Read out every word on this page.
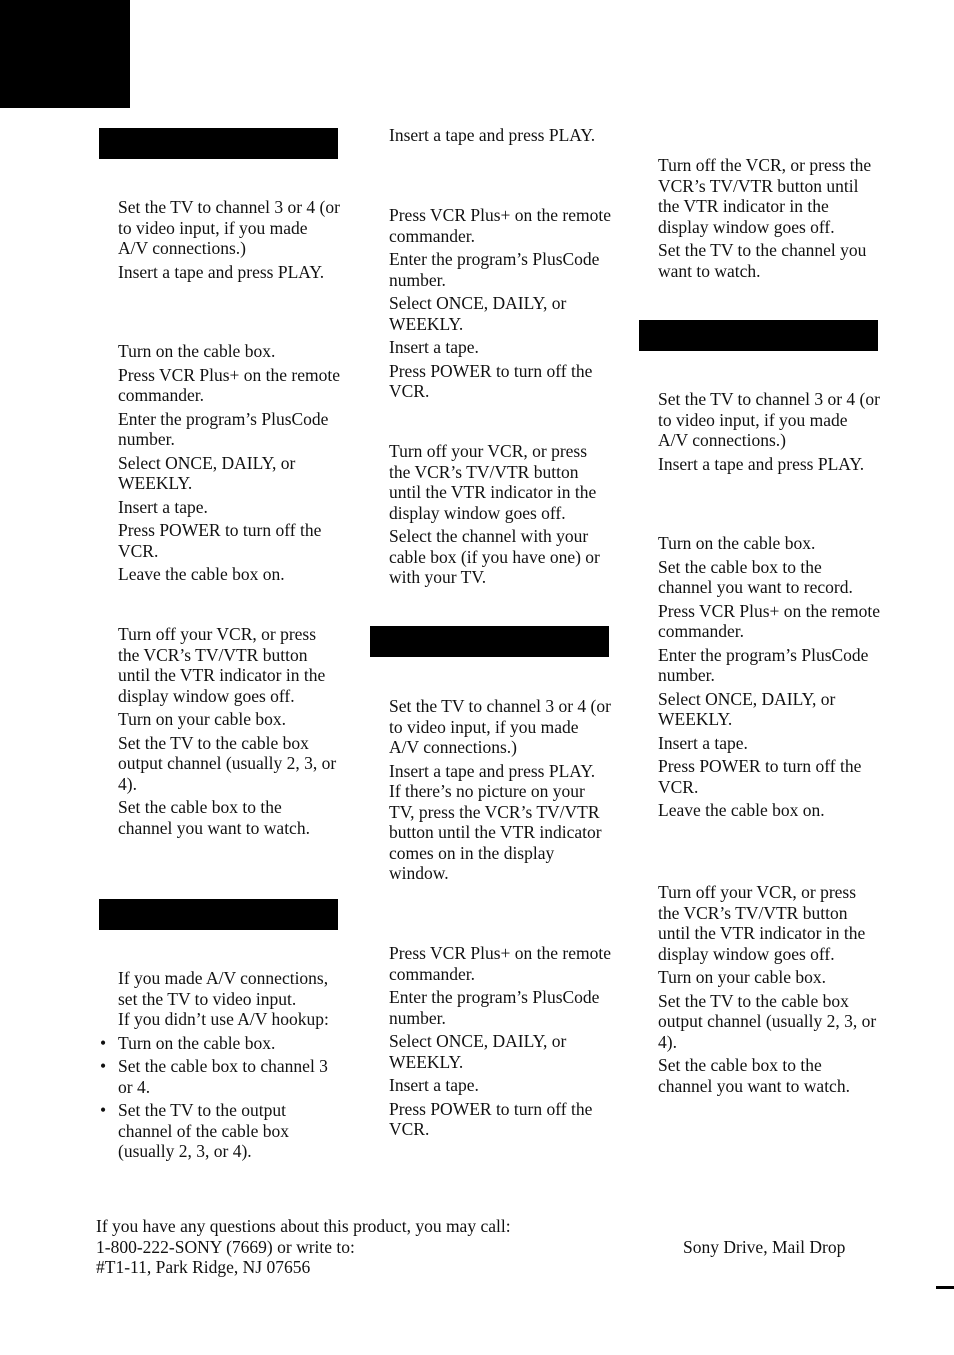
Set the TV to channel 3 or 4 (or to video input, if you made A/V connections.)

Insert a tape and press PLAY.

Turn on the cable box.

Press VCR Plus+ on the remote commander.

Enter the program’s PlusCode number.

Select ONCE, DAILY, or WEEKLY.

Insert a tape.

Press POWER to turn off the VCR.

Leave the cable box on.

Turn off your VCR, or press the VCR’s TV/VTR button until the VTR indicator in the display window goes off.

Turn on your cable box.

Set the TV to the cable box output channel (usually 2, 3, or 4).

Set the cable box to the channel you want to watch.

If you made A/V connections, set the TV to video input.

If you didn’t use A/V hookup:

• Turn on the cable box.

• Set the cable box to channel 3 or 4.

• Set the TV to the output channel of the cable box (usually 2, 3, or 4).

Insert a tape and press PLAY.

Press VCR Plus+ on the remote commander.

Enter the program’s PlusCode number.

Select ONCE, DAILY, or WEEKLY.

Insert a tape.

Press POWER to turn off the VCR.

Turn off your VCR, or press the VCR’s TV/VTR button until the VTR indicator in the display window goes off.

Select the channel with your cable box (if you have one) or with your TV.

Set the TV to channel 3 or 4 (or to video input, if you made A/V connections.)

Insert a tape and press PLAY. If there’s no picture on your TV, press the VCR’s TV/VTR button until the VTR indicator comes on in the display window.

Press VCR Plus+ on the remote commander.

Enter the program’s PlusCode number.

Select ONCE, DAILY, or WEEKLY.

Insert a tape.

Press POWER to turn off the VCR.

Turn off the VCR, or press the VCR’s TV/VTR button until the VTR indicator in the display window goes off.

Set the TV to the channel you want to watch.

Set the TV to channel 3 or 4 (or to video input, if you made A/V connections.)

Insert a tape and press PLAY.

Turn on the cable box.

Set the cable box to the channel you want to record.

Press VCR Plus+ on the remote commander.

Enter the program’s PlusCode number.

Select ONCE, DAILY, or WEEKLY.

Insert a tape.

Press POWER to turn off the VCR.

Leave the cable box on.

Turn off your VCR, or press the VCR’s TV/VTR button until the VTR indicator in the display window goes off.

Turn on your cable box.

Set the TV to the cable box output channel (usually 2, 3, or 4).

Set the cable box to the channel you want to watch.

If you have any questions about this product, you may call:
1-800-222-SONY (7669) or write to:
#T1-11, Park Ridge, NJ 07656
Sony Drive, Mail Drop
